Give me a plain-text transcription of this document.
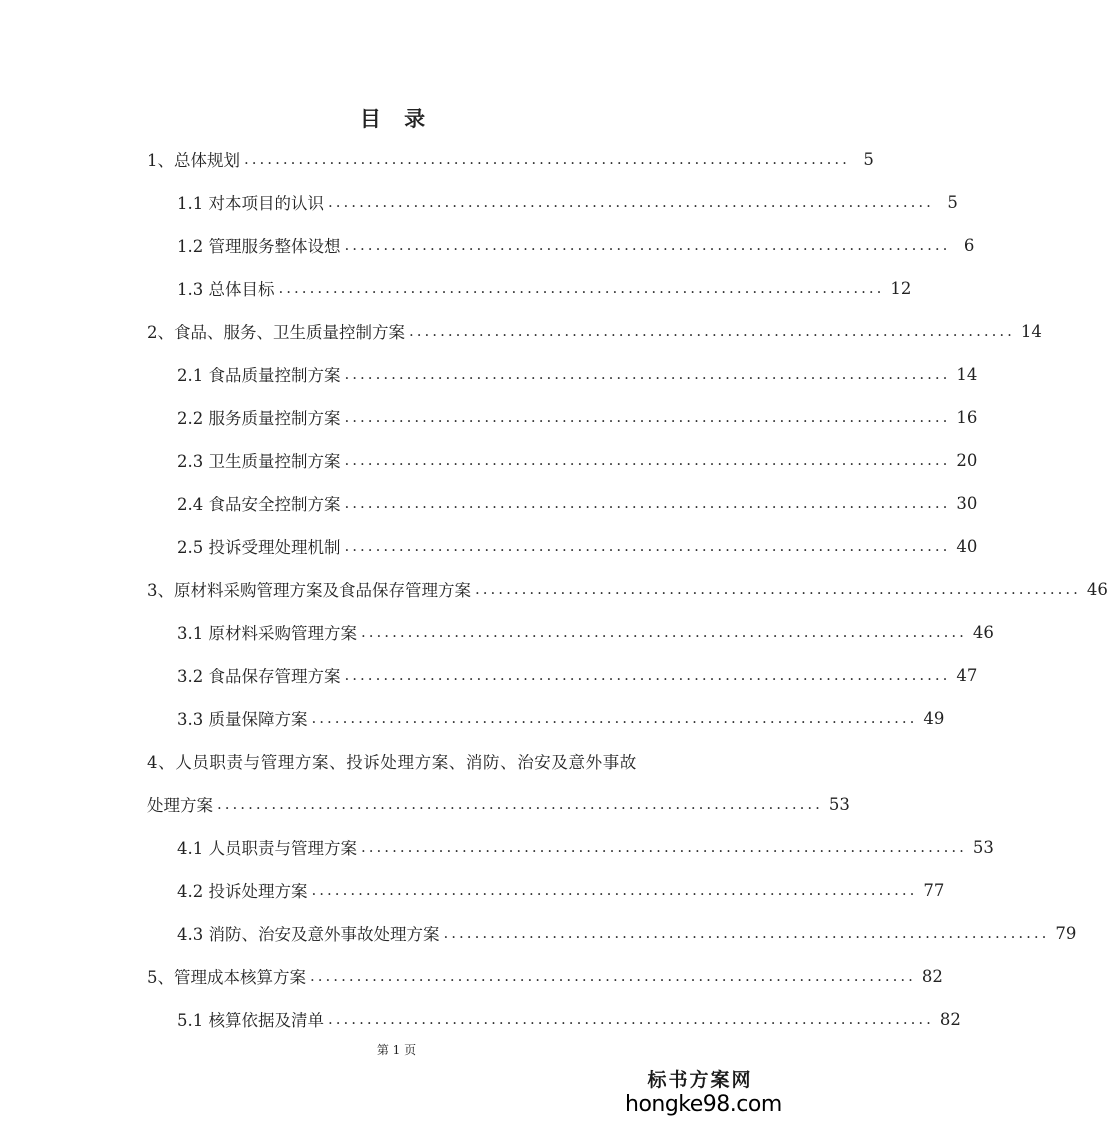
目 录
1、总体规划 .............................................................................. 5
1.1 对本项目的认识 .............................................................................. 5
1.2 管理服务整体设想 .............................................................................. 6
1.3 总体目标 .............................................................................. 12
2、食品、服务、卫生质量控制方案 .............................................................................. 14
2.1 食品质量控制方案 .............................................................................. 14
2.2 服务质量控制方案 .............................................................................. 16
2.3 卫生质量控制方案 .............................................................................. 20
2.4 食品安全控制方案 .............................................................................. 30
2.5 投诉受理处理机制 .............................................................................. 40
3、原材料采购管理方案及食品保存管理方案 .............................................................................. 46
3.1 原材料采购管理方案 .............................................................................. 46
3.2 食品保存管理方案 .............................................................................. 47
3.3 质量保障方案 .............................................................................. 49
4、人员职责与管理方案、投诉处理方案、消防、治安及意外事故
处理方案 .............................................................................. 53
4.1 人员职责与管理方案 .............................................................................. 53
4.2 投诉处理方案 .............................................................................. 77
4.3 消防、治安及意外事故处理方案 .............................................................................. 79
5、管理成本核算方案 .............................................................................. 82
5.1 核算依据及清单 .............................................................................. 82
第 1 页
标书方案网
hongke98.com
